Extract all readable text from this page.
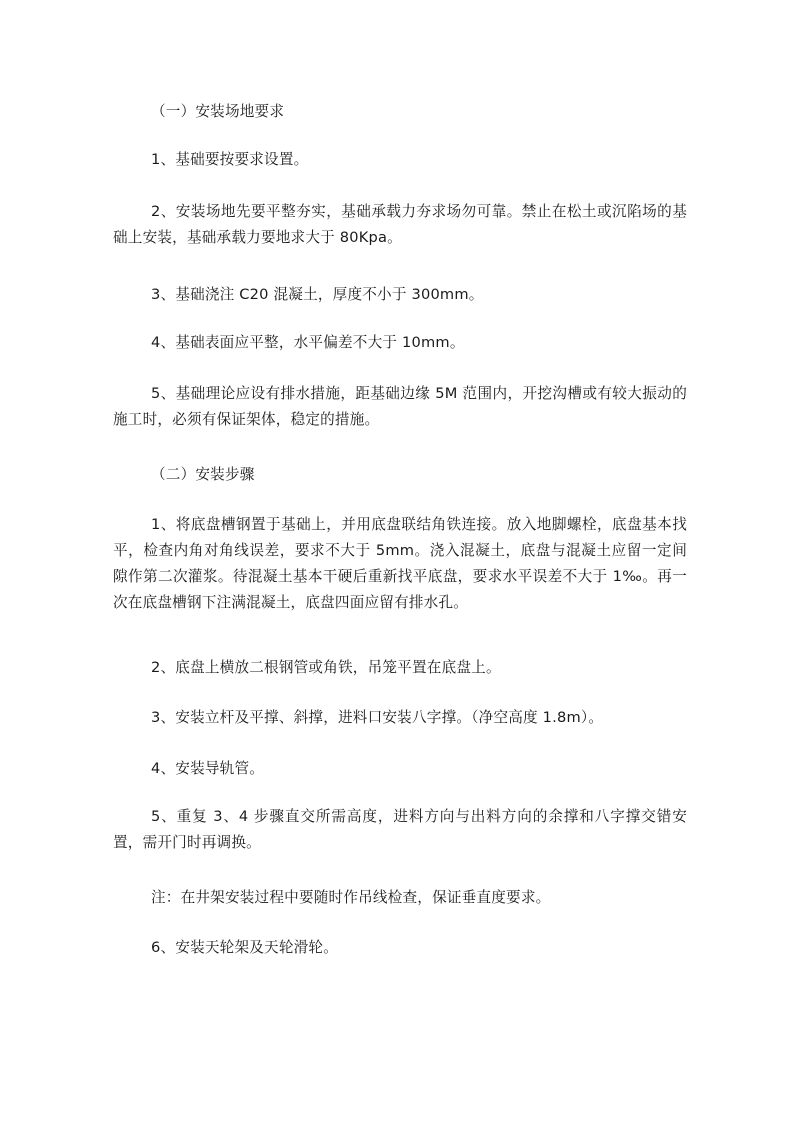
（一）安装场地要求

1、基础要按要求设置。

2、安装场地先要平整夯实，基础承载力夯求场勿可靠。禁止在松土或沉陷场的基础上安装，基础承载力要地求大于 80Kpa。

3、基础浇注 C20 混凝土，厚度不小于 300mm。

4、基础表面应平整，水平偏差不大于 10mm。

5、基础理论应设有排水措施，距基础边缘 5M 范围内，开挖沟槽或有较大振动的施工时，必须有保证架体，稳定的措施。

（二）安装步骤

1、将底盘槽钢置于基础上，并用底盘联结角铁连接。放入地脚螺栓，底盘基本找平，检查内角对角线误差，要求不大于 5mm。浇入混凝土，底盘与混凝土应留一定间隙作第二次灌浆。待混凝土基本干硬后重新找平底盘，要求水平误差不大于 1‰。再一次在底盘槽钢下注满混凝土，底盘四面应留有排水孔。

2、底盘上横放二根钢管或角铁，吊笼平置在底盘上。

3、安装立杆及平撑、斜撑，进料口安装八字撑。（净空高度 1.8m）。

4、安装导轨管。

5、重复 3、4 步骤直交所需高度，进料方向与出料方向的余撑和八字撑交错安置，需开门时再调换。

注：在井架安装过程中要随时作吊线检查，保证垂直度要求。

6、安装天轮架及天轮滑轮。
